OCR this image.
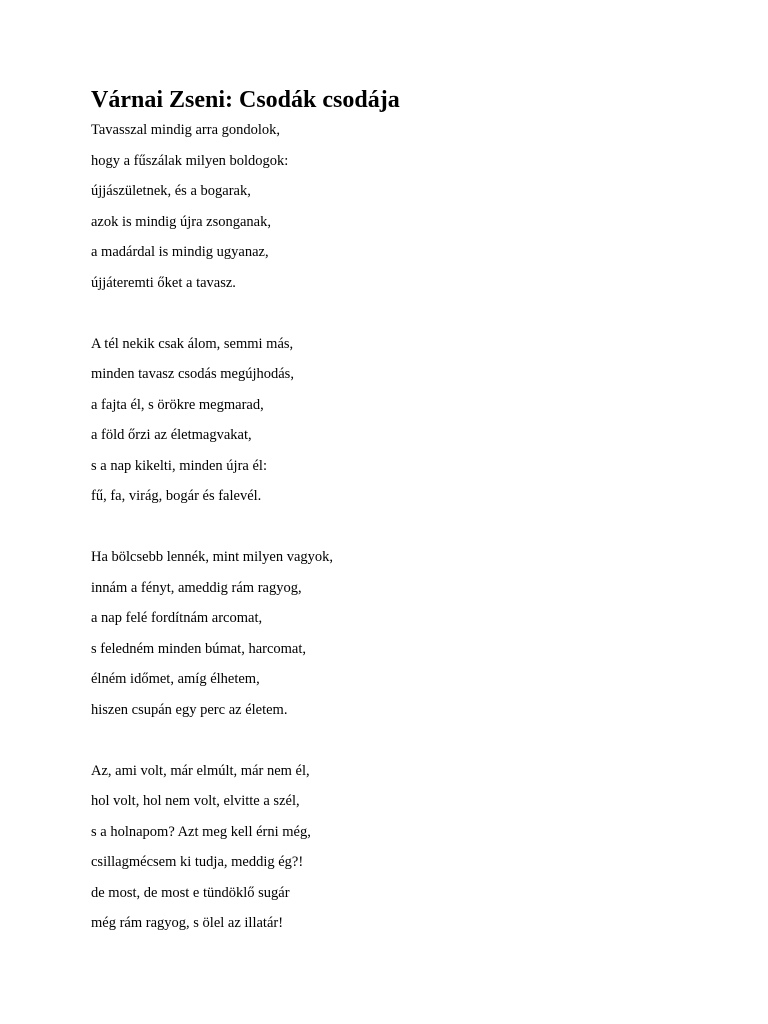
Várnai Zseni: Csodák csodája
Tavasszal mindig arra gondolok,
hogy a fűszálak milyen boldogok:
újjászületnek, és a bogarak,
azok is mindig újra zsonganak,
a madárdal is mindig ugyanaz,
újjáteremti őket a tavasz.
A tél nekik csak álom, semmi más,
minden tavasz csodás megújhodás,
a fajta él, s örökre megmarad,
a föld őrzi az életmagvakat,
s a nap kikelti, minden újra él:
fű, fa, virág, bogár és falevél.
Ha bölcsebb lennék, mint milyen vagyok,
innám a fényt, ameddig rám ragyog,
a nap felé fordítnám arcomat,
s feledném minden búmat, harcomat,
élném időmet, amíg élhetem,
hiszen csupán egy perc az életem.
Az, ami volt, már elmúlt, már nem él,
hol volt, hol nem volt, elvitte a szél,
s a holnapom? Azt meg kell érni még,
csillagmécsem ki tudja, meddig ég?!
de most, de most e tündöklő sugár
még rám ragyog, s ölel az illatár!
